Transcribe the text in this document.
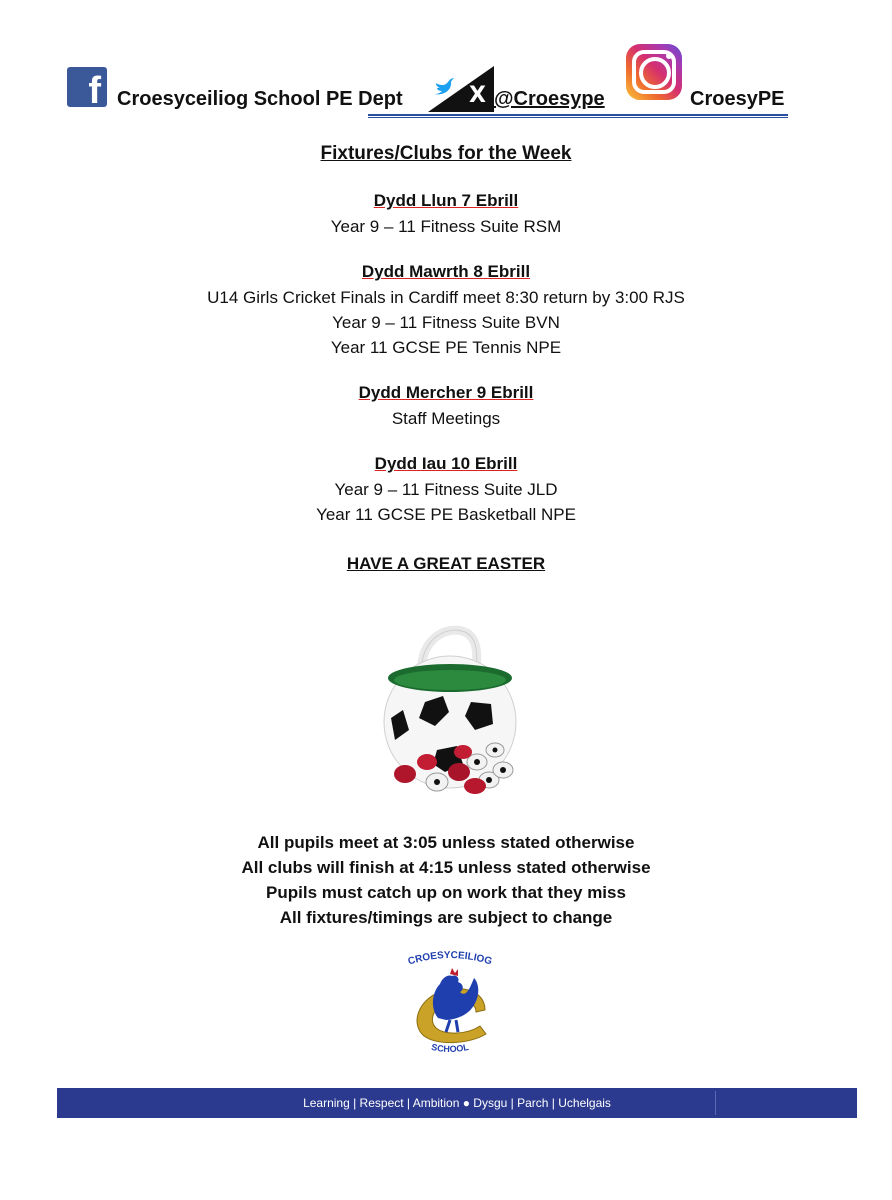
f Croesyceiliog School PE Dept	X @Croesype	CroesyPE
Fixtures/Clubs for the Week
Dydd Llun 7 Ebrill
Year 9 – 11 Fitness Suite RSM
Dydd Mawrth 8 Ebrill
U14 Girls Cricket Finals in Cardiff meet 8:30 return by 3:00 RJS
Year 9 – 11 Fitness Suite BVN
Year 11 GCSE PE Tennis NPE
Dydd Mercher 9 Ebrill
Staff Meetings
Dydd Iau 10 Ebrill
Year 9 – 11 Fitness Suite JLD
Year 11 GCSE PE Basketball NPE
HAVE A GREAT EASTER
All pupils meet at 3:05 unless stated otherwise
All clubs will finish at 4:15 unless stated otherwise
Pupils must catch up on work that they miss
All fixtures/timings are subject to change
CROESYCEILIOG
SCHOOL
Learning | Respect | Ambition ● Dysgu | Parch | Uchelgais
